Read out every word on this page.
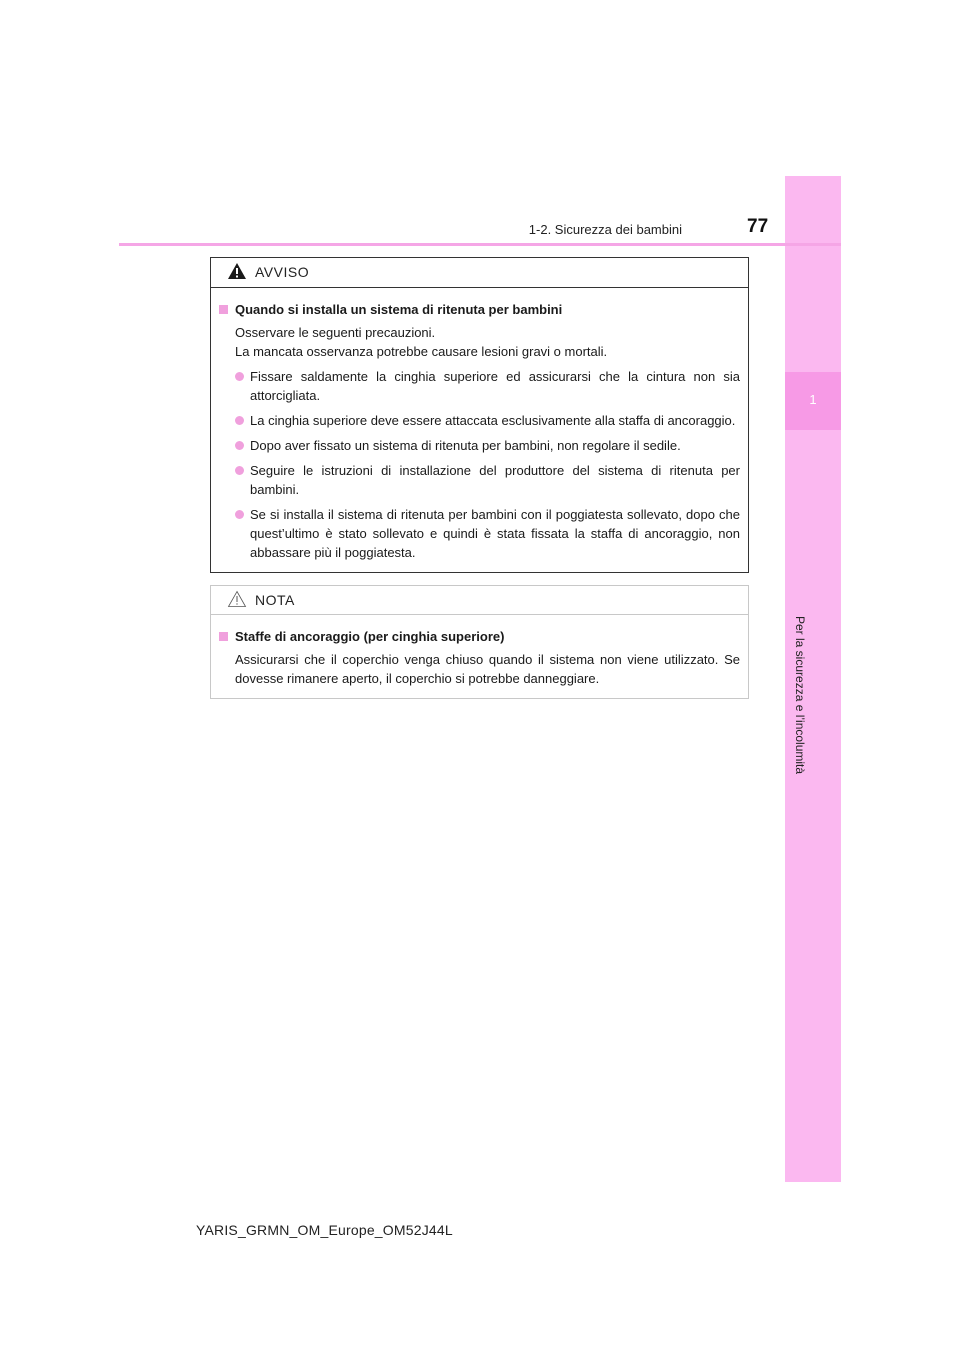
1
Per la sicurezza e l’incolumità
1-2. Sicurezza dei bambini	77
AVVISO
Quando si installa un sistema di ritenuta per bambini
Osservare le seguenti precauzioni.
La mancata osservanza potrebbe causare lesioni gravi o mortali.
Fissare saldamente la cinghia superiore ed assicurarsi che la cintura non sia attorcigliata.
La cinghia superiore deve essere attaccata esclusivamente alla staffa di ancoraggio.
Dopo aver fissato un sistema di ritenuta per bambini, non regolare il sedile.
Seguire le istruzioni di installazione del produttore del sistema di ritenuta per bambini.
Se si installa il sistema di ritenuta per bambini con il poggiatesta sollevato, dopo che quest’ultimo è stato sollevato e quindi è stata fissata la staffa di ancoraggio, non abbassare più il poggiatesta.
NOTA
Staffe di ancoraggio (per cinghia superiore)
Assicurarsi che il coperchio venga chiuso quando il sistema non viene utilizzato. Se dovesse rimanere aperto, il coperchio si potrebbe danneggiare.
YARIS_GRMN_OM_Europe_OM52J44L
